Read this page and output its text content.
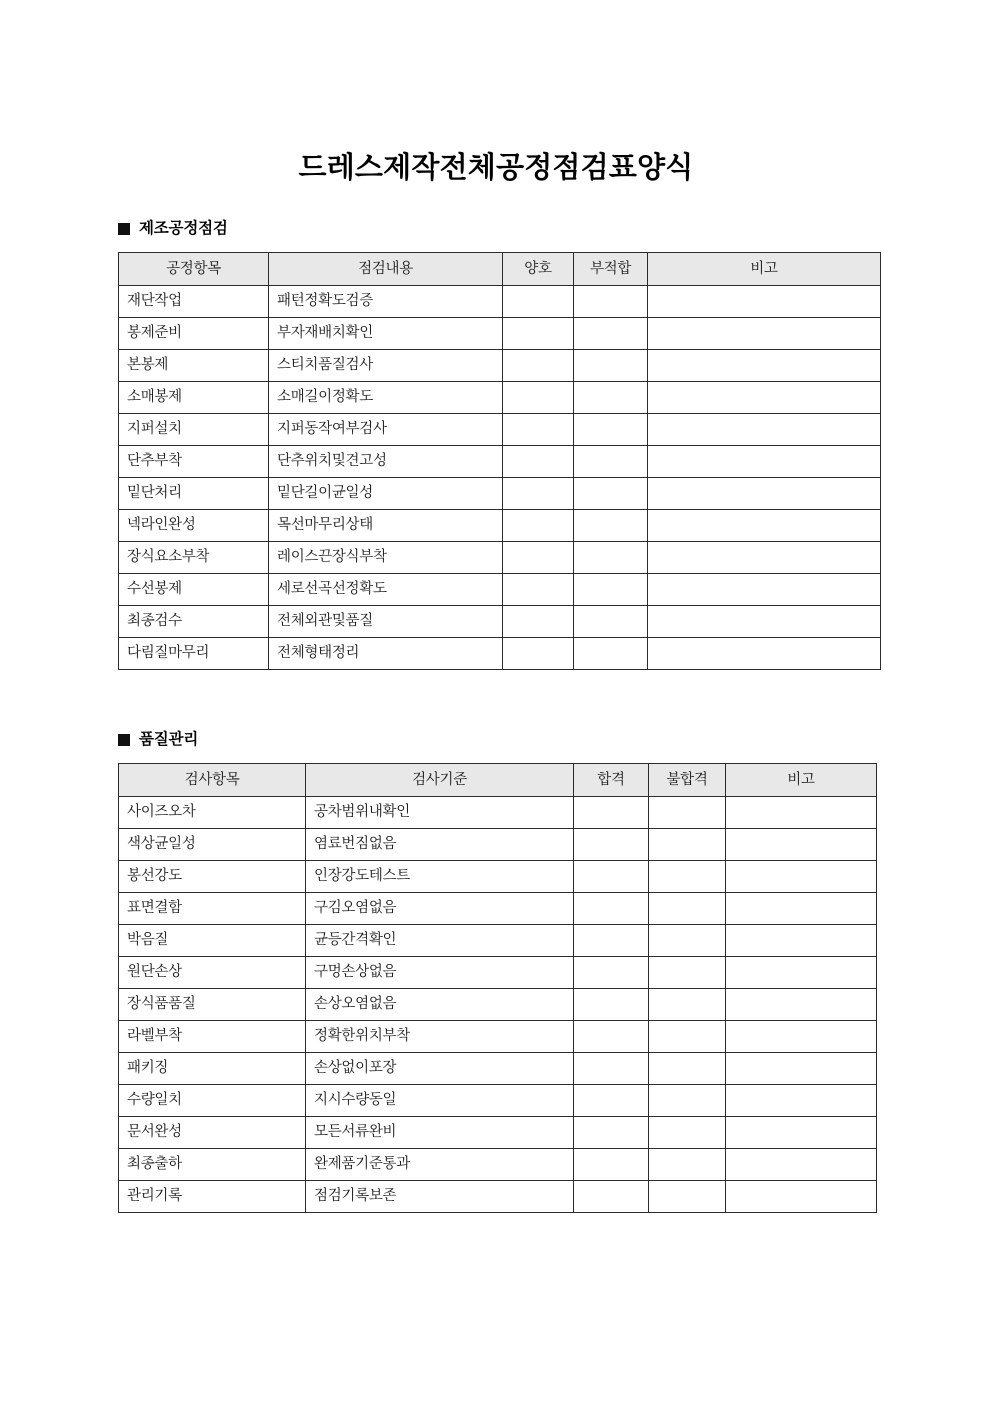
드레스제작전체공정점검표양식
제조공정점검
공정항목	점검내용	양호	부적합	비고
재단작업	패턴정확도검증			
봉제준비	부자재배치확인			
본봉제	스티치품질검사			
소매봉제	소매길이정확도			
지퍼설치	지퍼동작여부검사			
단추부착	단추위치및견고성			
밑단처리	밑단길이균일성			
넥라인완성	목선마무리상태			
장식요소부착	레이스끈장식부착			
수선봉제	세로선곡선정확도			
최종검수	전체외관및품질			
다림질마무리	전체형태정리			
품질관리
검사항목	검사기준	합격	불합격	비고
사이즈오차	공차범위내확인			
색상균일성	염료번짐없음			
봉선강도	인장강도테스트			
표면결함	구김오염없음			
박음질	균등간격확인			
원단손상	구멍손상없음			
장식품품질	손상오염없음			
라벨부착	정확한위치부착			
패키징	손상없이포장			
수량일치	지시수량동일			
문서완성	모든서류완비			
최종출하	완제품기준통과			
관리기록	점검기록보존			
